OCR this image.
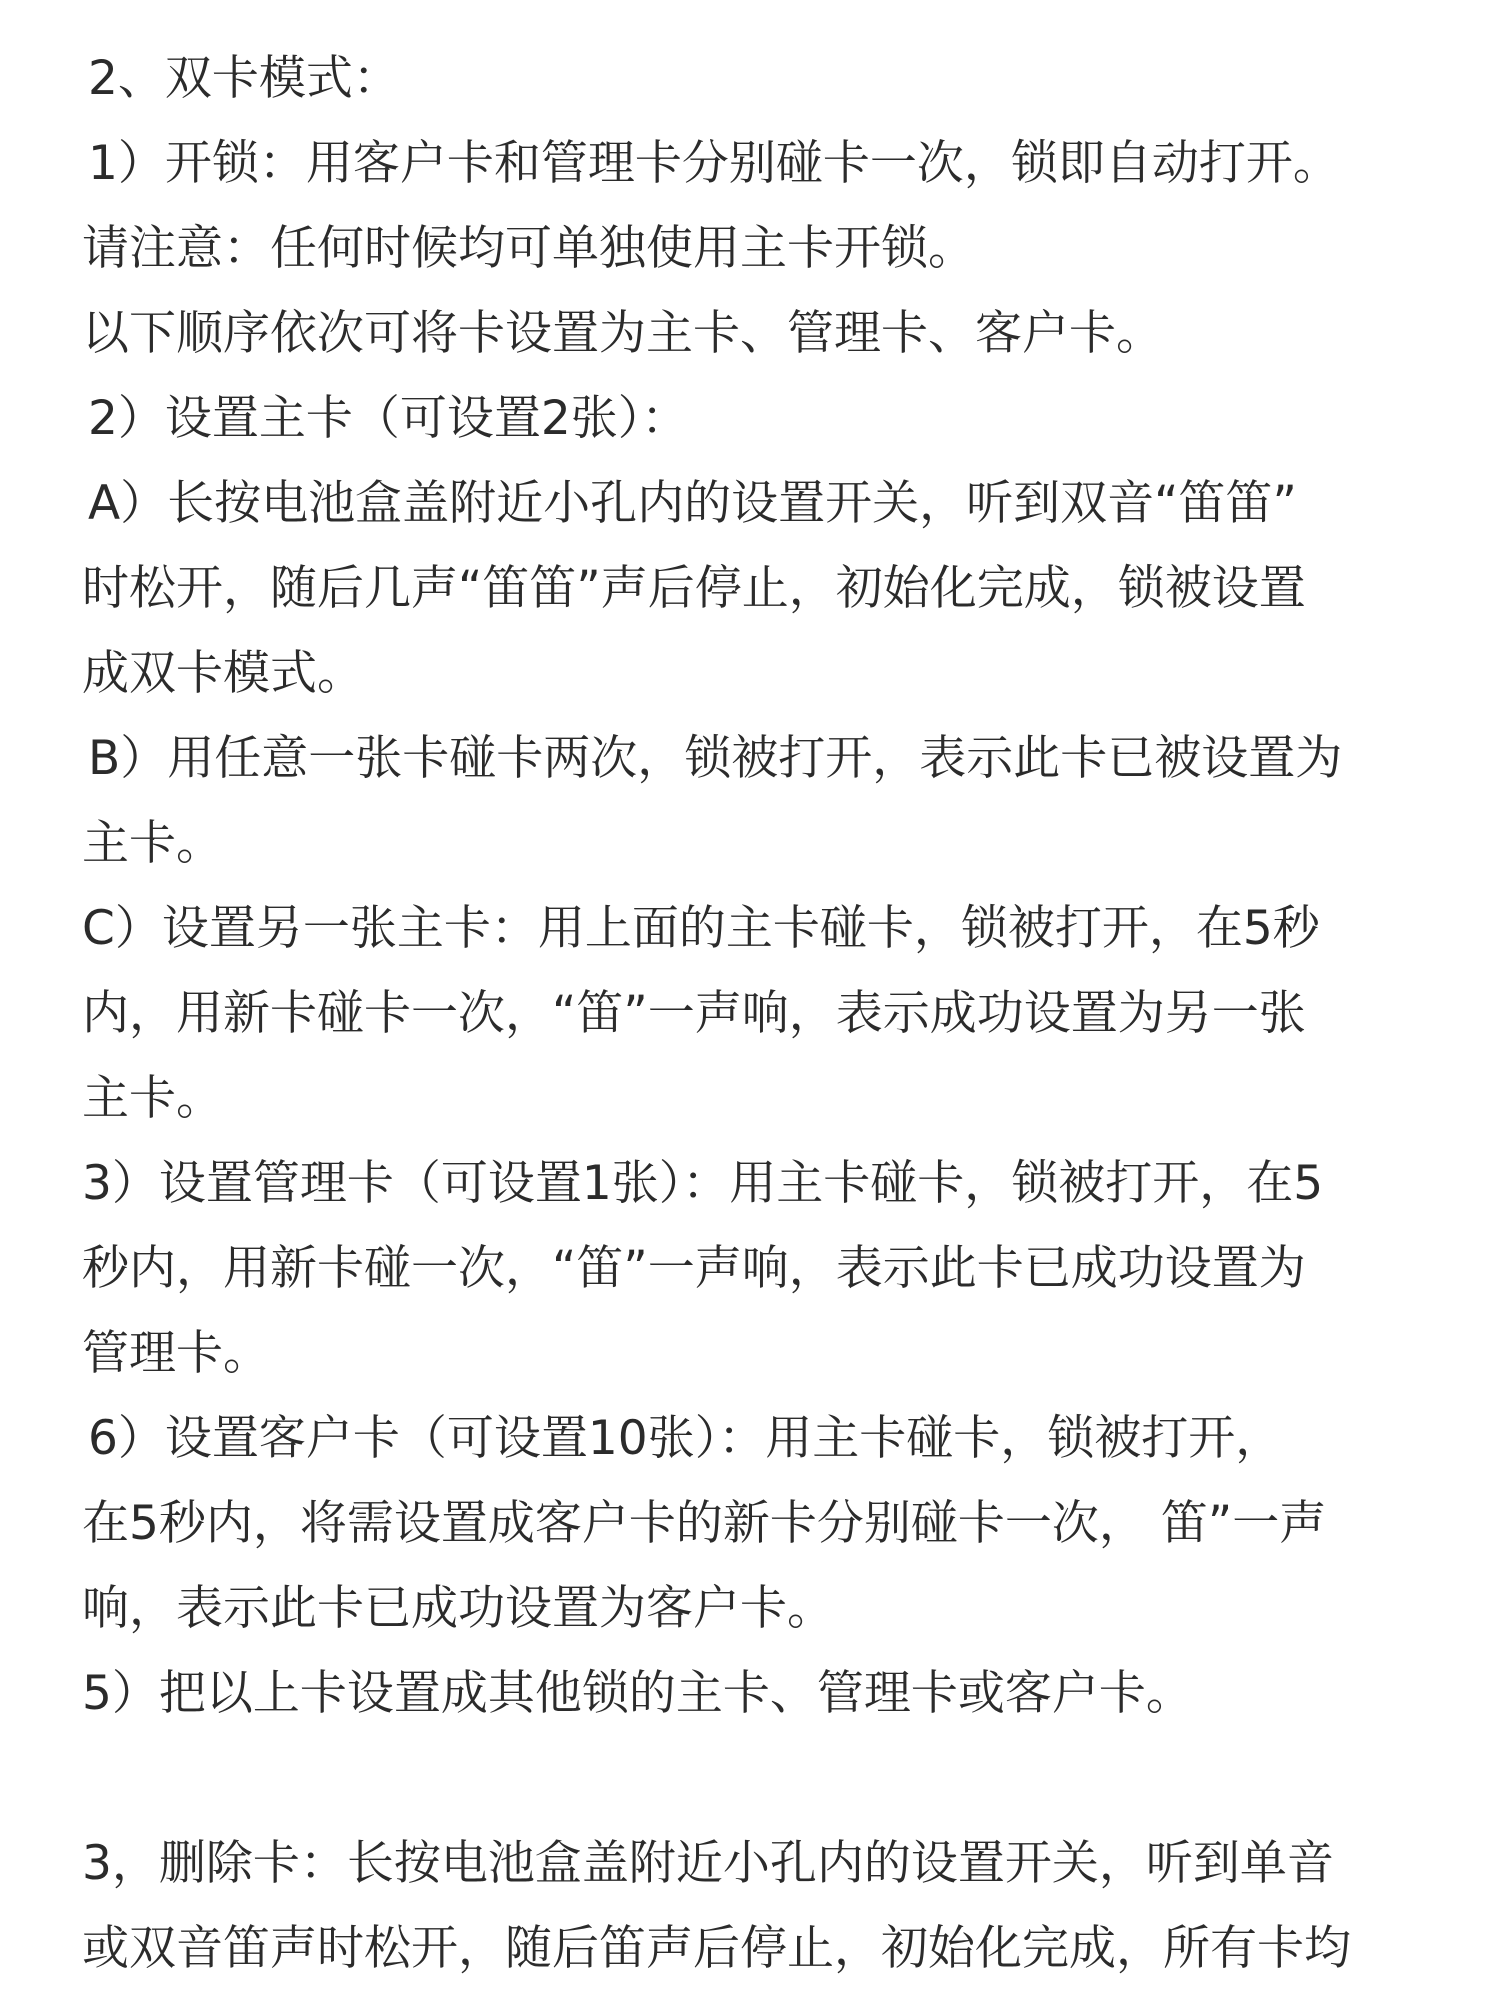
2、双卡模式：
1）开锁：用客户卡和管理卡分别碰卡一次，锁即自动打开。
请注意：任何时候均可单独使用主卡开锁。
以下顺序依次可将卡设置为主卡、管理卡、客户卡。
2）设置主卡（可设置2张）：
A）长按电池盒盖附近小孔内的设置开关，听到双音“笛笛”
时松开，随后几声“笛笛”声后停止，初始化完成，锁被设置
成双卡模式。
B）用任意一张卡碰卡两次，锁被打开，表示此卡已被设置为
主卡。
C）设置另一张主卡：用上面的主卡碰卡，锁被打开，在5秒
内，用新卡碰卡一次，“笛”一声响，表示成功设置为另一张
主卡。
3）设置管理卡（可设置1张）：用主卡碰卡，锁被打开，在5
秒内，用新卡碰一次，“笛”一声响，表示此卡已成功设置为
管理卡。
6）设置客户卡（可设置10张）：用主卡碰卡，锁被打开，
在5秒内，将需设置成客户卡的新卡分别碰卡一次， 笛”一声
响，表示此卡已成功设置为客户卡。
5）把以上卡设置成其他锁的主卡、管理卡或客户卡。
3，删除卡：长按电池盒盖附近小孔内的设置开关，听到单音
或双音笛声时松开，随后笛声后停止，初始化完成，所有卡均
